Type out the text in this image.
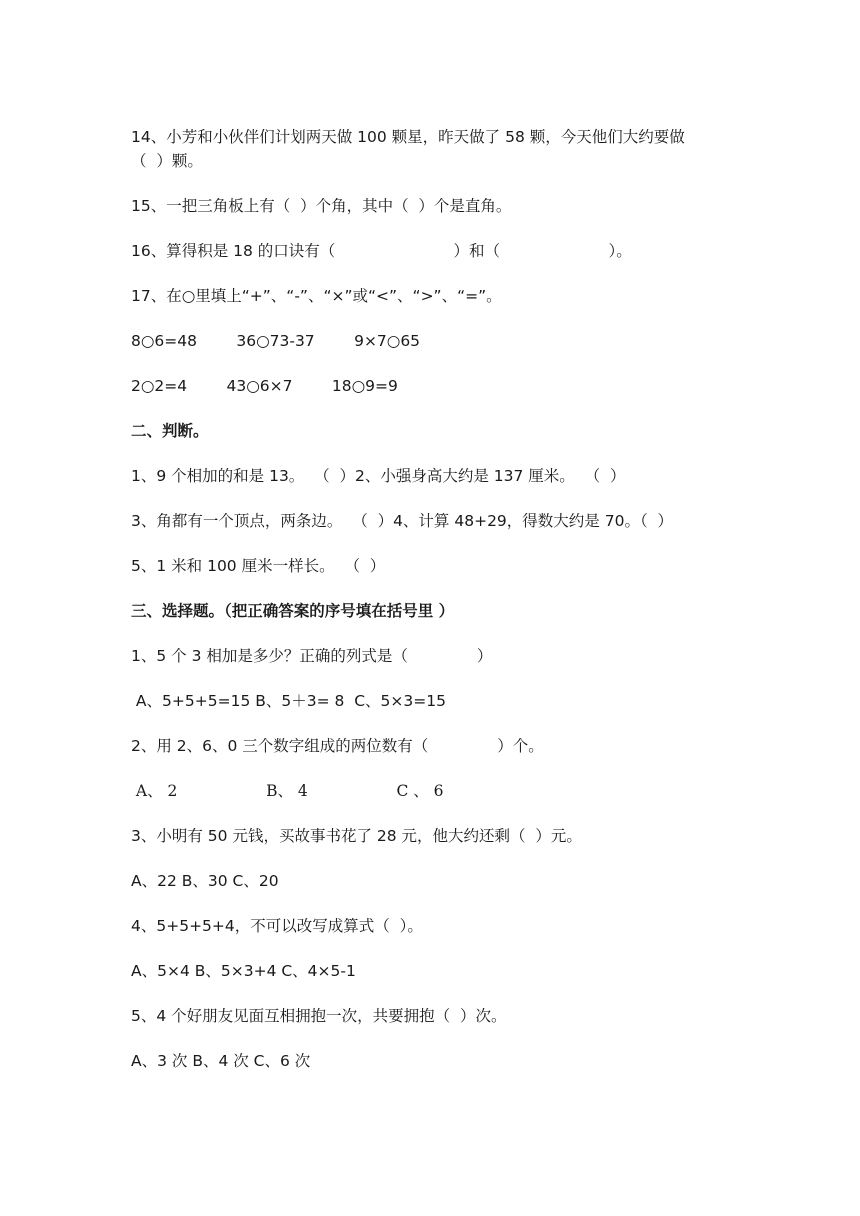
14、小芳和小伙伴们计划两天做 100 颗星，昨天做了 58 颗，今天他们大约要做

（  ）颗。

15、一把三角板上有（  ）个角，其中（  ）个是直角。

16、算得积是 18 的口诀有（                        ）和（                      ）。

17、在○里填上“+”、“-”、“×”或“<”、“>”、“=”。

8○6=48        36○73-37        9×7○65

2○2=4        43○6×7        18○9=9

二、判断。

1、9 个相加的和是 13。  （  ）2、小强身高大约是 137 厘米。  （  ）

3、角都有一个顶点，两条边。  （  ）4、计算 48+29，得数大约是 70。（  ）

5、1 米和 100 厘米一样长。  （  ）

三、选择题。（把正确答案的序号填在括号里 ）

1、5 个 3 相加是多少？正确的列式是（              ）

A、5+5+5=15 B、5＋3= 8  C、5×3=15

2、用 2、6、0 三个数字组成的两位数有（              ）个。

A、 2                  B、 4                  C 、 6

3、小明有 50 元钱，买故事书花了 28 元，他大约还剩（  ）元。

A、22 B、30 C、20

4、5+5+5+4，不可以改写成算式（  ）。

A、5×4 B、5×3+4 C、4×5-1

5、4 个好朋友见面互相拥抱一次，共要拥抱（  ）次。

A、3 次 B、4 次 C、6 次
